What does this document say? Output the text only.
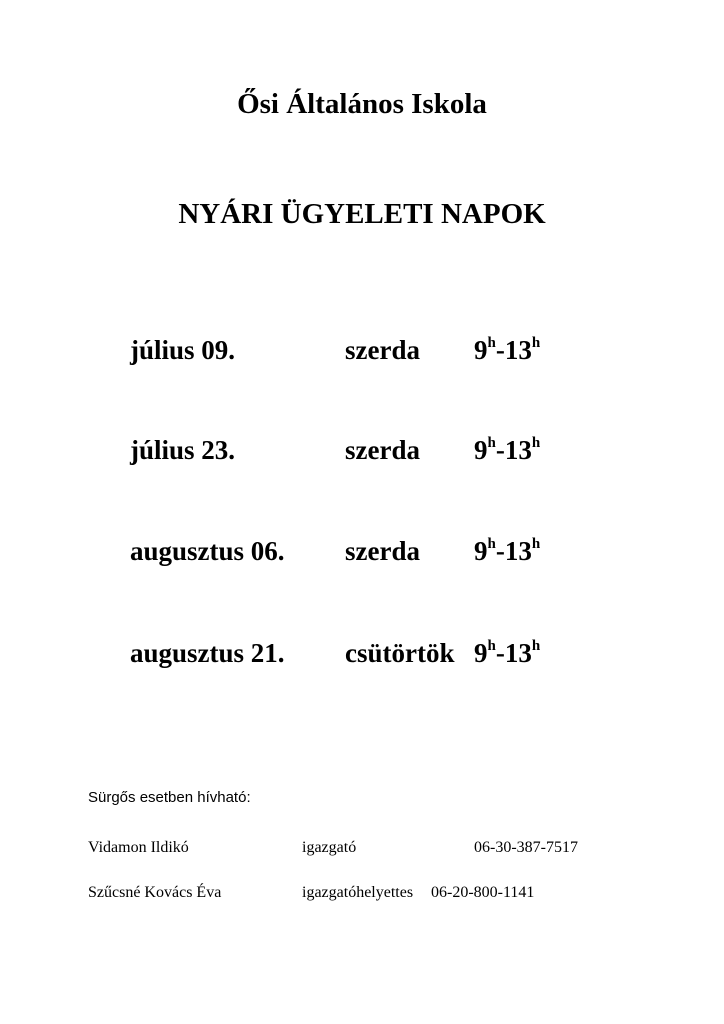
Ősi Általános Iskola
NYÁRI ÜGYELETI NAPOK
július 09.	szerda 9$^h$-13$^h$
július 23.	szerda 9$^h$-13$^h$
augusztus 06. szerda 9$^h$-13$^h$
augusztus 21. csütörtök 9$^h$-13$^h$
Sürgős esetben hívható:
Vidamon Ildikó	igazgató	06-30-387-7517
Szűcsné Kovács Éva	igazgatóhelyettes 06-20-800-1141
